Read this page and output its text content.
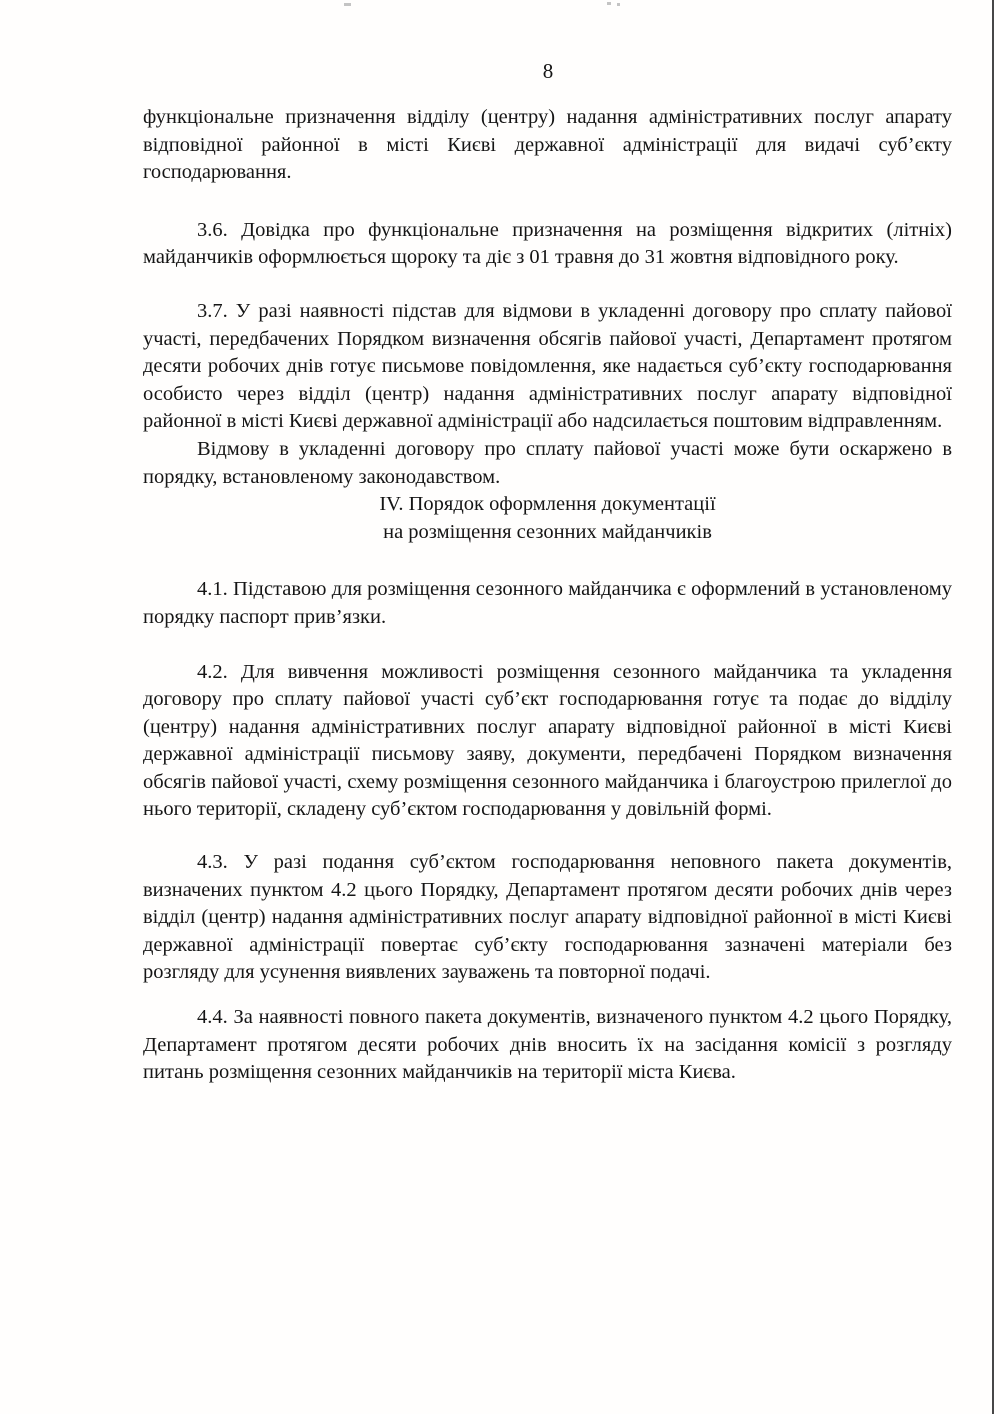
8

функціональне призначення відділу (центру) надання адміністративних послуг апарату відповідної районної в місті Києві державної адміністрації для видачі суб’єкту господарювання.

3.6. Довідка про функціональне призначення на розміщення відкритих (літніх) майданчиків оформлюється щороку та діє з 01 травня до 31 жовтня відповідного року.

3.7. У разі наявності підстав для відмови в укладенні договору про сплату пайової участі, передбачених Порядком визначення обсягів пайової участі, Департамент протягом десяти робочих днів готує письмове повідомлення, яке надається суб’єкту господарювання особисто через відділ (центр) надання адміністративних послуг апарату відповідної районної в місті Києві державної адміністрації або надсилається поштовим відправленням.

Відмову в укладенні договору про сплату пайової участі може бути оскаржено в порядку, встановленому законодавством.

IV. Порядок оформлення документації
на розміщення сезонних майданчиків

4.1. Підставою для розміщення сезонного майданчика є оформлений в установленому порядку паспорт прив’язки.

4.2. Для вивчення можливості розміщення сезонного майданчика та укладення договору про сплату пайової участі суб’єкт господарювання готує та подає до відділу (центру) надання адміністративних послуг апарату відповідної районної в місті Києві державної адміністрації письмову заяву, документи, передбачені Порядком визначення обсягів пайової участі, схему розміщення сезонного майданчика і благоустрою прилеглої до нього території, складену суб’єктом господарювання у довільній формі.

4.3. У разі подання суб’єктом господарювання неповного пакета документів, визначених пунктом 4.2 цього Порядку, Департамент протягом десяти робочих днів через відділ (центр) надання адміністративних послуг апарату відповідної районної в місті Києві державної адміністрації повертає суб’єкту господарювання зазначені матеріали без розгляду для усунення виявлених зауважень та повторної подачі.

4.4. За наявності повного пакета документів, визначеного пунктом 4.2 цього Порядку, Департамент протягом десяти робочих днів вносить їх на засідання комісії з розгляду питань розміщення сезонних майданчиків на території міста Києва.
